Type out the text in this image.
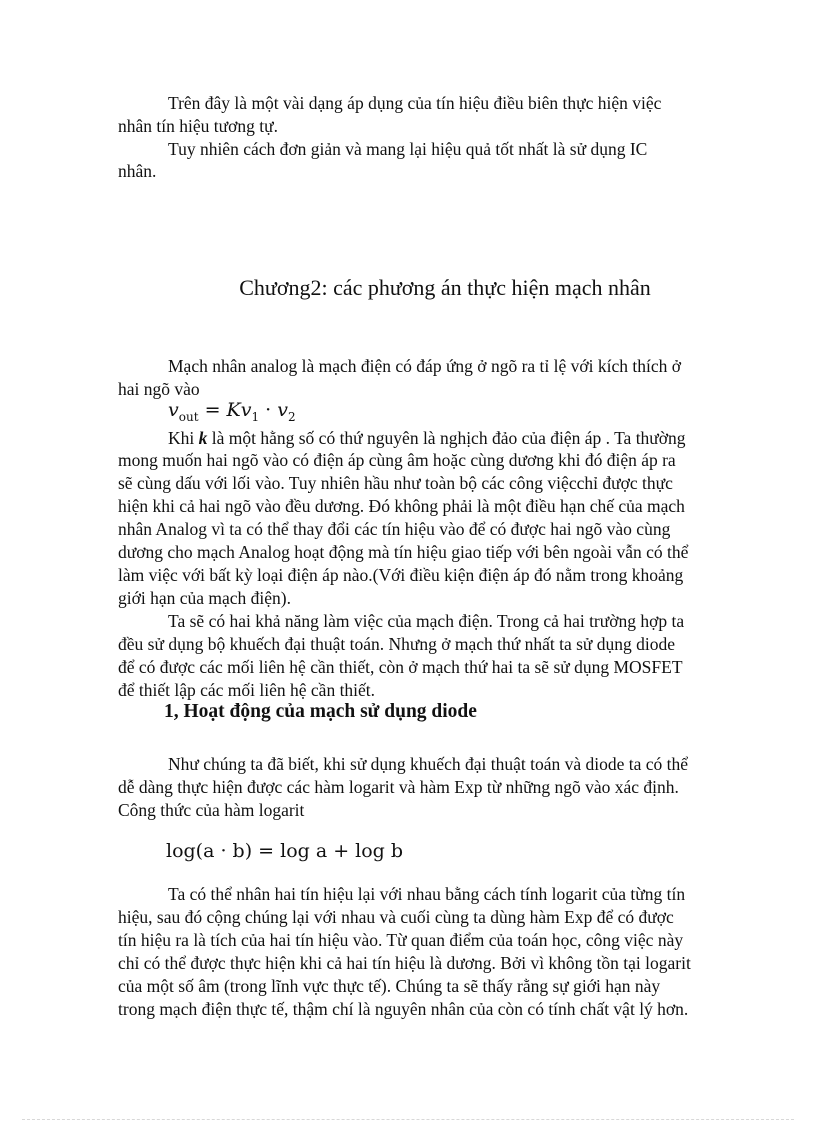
Trên đây là một vài dạng áp dụng của tín hiệu điều biên thực hiện việc
nhân tín hiệu tương tự.
Tuy nhiên cách đơn giản và mang lại hiệu quả tốt nhất là sử dụng IC
nhân.
Chương2: các phương án thực hiện mạch nhân
Mạch nhân analog là mạch điện có đáp ứng ở ngõ ra tỉ lệ với kích thích ở
hai ngõ vào
$v_{out} = Kv_1 \cdot v_2$
Khi k là một hằng số có thứ nguyên là nghịch đảo của điện áp . Ta thường
mong muốn hai ngõ vào có điện áp cùng âm hoặc cùng dương khi đó điện áp ra
sẽ cùng dấu với lối vào. Tuy nhiên hầu như toàn bộ các công việcchỉ được thực
hiện khi cả hai ngõ vào đều dương. Đó không phải là một điều hạn chế của mạch
nhân Analog vì ta có thể thay đổi các tín hiệu vào để có được hai ngõ vào cùng
dương cho mạch Analog hoạt động mà tín hiệu giao tiếp với bên ngoài vẫn có thể
làm việc với bất kỳ loại điện áp nào.(Với điều kiện điện áp đó nằm trong khoảng
giới hạn của mạch điện).
Ta sẽ có hai khả năng làm việc của mạch điện. Trong cả hai trường hợp ta
đều sử dụng bộ khuếch đại thuật toán. Nhưng ở mạch thứ nhất ta sử dụng diode
để có được các mối liên hệ cần thiết, còn ở mạch thứ hai ta sẽ sử dụng MOSFET
để thiết lập các mối liên hệ cần thiết.
1, Hoạt động của mạch sử dụng diode
Như chúng ta đã biết, khi sử dụng khuếch đại thuật toán và diode ta có thể
dễ dàng thực hiện được các hàm logarit và hàm Exp từ những ngõ vào xác định.
Công thức của hàm logarit
log(a · b) = log a + log b
Ta có thể nhân hai tín hiệu lại với nhau bằng cách tính logarit của từng tín
hiệu, sau đó cộng chúng lại với nhau và cuối cùng ta dùng hàm Exp để có được
tín hiệu ra là tích của hai tín hiệu vào. Từ quan điểm của toán học, công việc này
chỉ có thể được thực hiện khi cả hai tín hiệu là dương. Bởi vì không tồn tại logarit
của một số âm (trong lĩnh vực thực tế). Chúng ta sẽ thấy rằng sự giới hạn này
trong mạch điện thực tế, thậm chí là nguyên nhân của còn có tính chất vật lý hơn.
